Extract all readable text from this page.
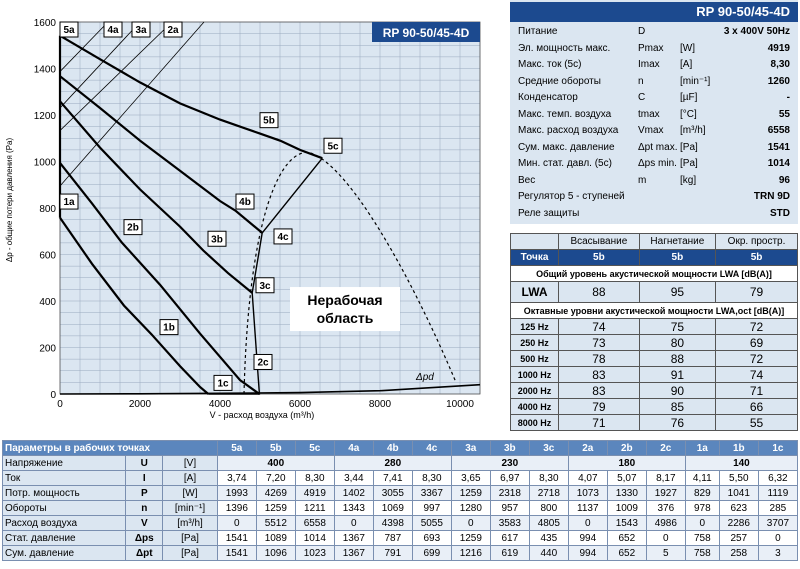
0	2000	4000	6000	8000	10000
0
200
400
600
800
1000
1200
1400
1600
5a	4a 3a 2a
5b
5c
4b
4c
3b
3c
2b
2c
1a
1b
1c
Нерабочая
область
Δpd
RP 90-50/45-4D
V - расход воздуха (m³/h)
Δp - общие потери давления (Pa)
RP 90-50/45-4D
Питание	D	3 x 400V 50Hz
Эл. мощность макс.	Pmax [W]	4919
Макс. ток (5c)	Imax [A]	8,30
Средние обороты	n	[min⁻¹]	1260
Конденсатор	C	[µF]	-
Макс. темп. воздуха	tmax [°C]	55
Макс. расход воздуха Vmax [m³/h]	6558
Сум. макс. давление Δpt max. [Pa]	1541
Мин. стат. давл. (5c)	Δps min. [Pa]	1014
Вес	m	[kg]	96
Регулятор 5 - ступеней	TRN 9D
Реле защиты	STD
	Всасывание	Нагнетание	Окр. простр.
Точка	5b	5b	5b
Общий уровень акустической мощности LWA [dB(A)]			
LWA	88	95	79
Октавные уровни акустической мощности LWA,oct [dB(A)]			
125 Hz	74	75	72
250 Hz	73	80	69
500 Hz	78	88	72
1000 Hz	83	91	74
2000 Hz	83	90	71
4000 Hz	79	85	66
8000 Hz	71	76	55
Параметры в рабочих точках			5a	5b	5c	4a	4b	4c	3a	3b	3c	2a	2b	2c	1a	1b	1c
Напряжение	U	[V]	400			280			230			180			140		
Ток	I	[A]	3,74	7,20	8,30	3,44	7,41	8,30	3,65	6,97	8,30	4,07	5,07	8,17	4,11	5,50	6,32
Потр. мощность	P	[W]	1993	4269	4919	1402	3055	3367	1259	2318	2718	1073	1330	1927	829	1041	1119
Обороты	n	[min⁻¹]	1396	1259	1211	1343	1069	997	1280	957	800	1137	1009	376	978	623	285
Расход воздуха	V	[m³/h]	0	5512	6558	0	4398	5055	0	3583	4805	0	1543	4986	0	2286	3707
Стат. давление	Δps	[Pa]	1541	1089	1014	1367	787	693	1259	617	435	994	652	0	758	257	0
Сум. давление	Δpt	[Pa]	1541	1096	1023	1367	791	699	1216	619	440	994	652	5	758	258	3
